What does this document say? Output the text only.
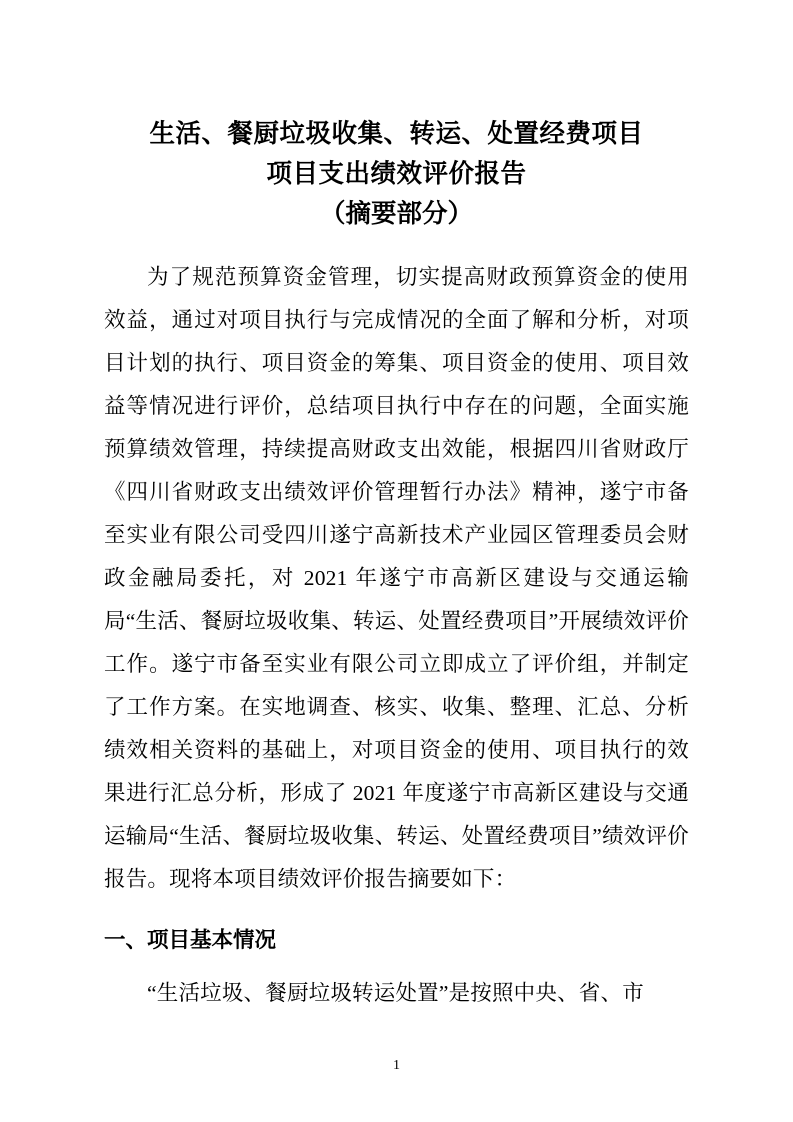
生活、餐厨垃圾收集、转运、处置经费项目
项目支出绩效评价报告
（摘要部分）

为了规范预算资金管理，切实提高财政预算资金的使用效益，通过对项目执行与完成情况的全面了解和分析，对项目计划的执行、项目资金的筹集、项目资金的使用、项目效益等情况进行评价，总结项目执行中存在的问题，全面实施预算绩效管理，持续提高财政支出效能，根据四川省财政厅《四川省财政支出绩效评价管理暂行办法》精神，遂宁市备至实业有限公司受四川遂宁高新技术产业园区管理委员会财政金融局委托，对 2021 年遂宁市高新区建设与交通运输局“生活、餐厨垃圾收集、转运、处置经费项目”开展绩效评价工作。遂宁市备至实业有限公司立即成立了评价组，并制定了工作方案。在实地调查、核实、收集、整理、汇总、分析绩效相关资料的基础上，对项目资金的使用、项目执行的效果进行汇总分析，形成了 2021 年度遂宁市高新区建设与交通运输局“生活、餐厨垃圾收集、转运、处置经费项目”绩效评价报告。现将本项目绩效评价报告摘要如下：

一、项目基本情况

“生活垃圾、餐厨垃圾转运处置”是按照中央、省、市

1
